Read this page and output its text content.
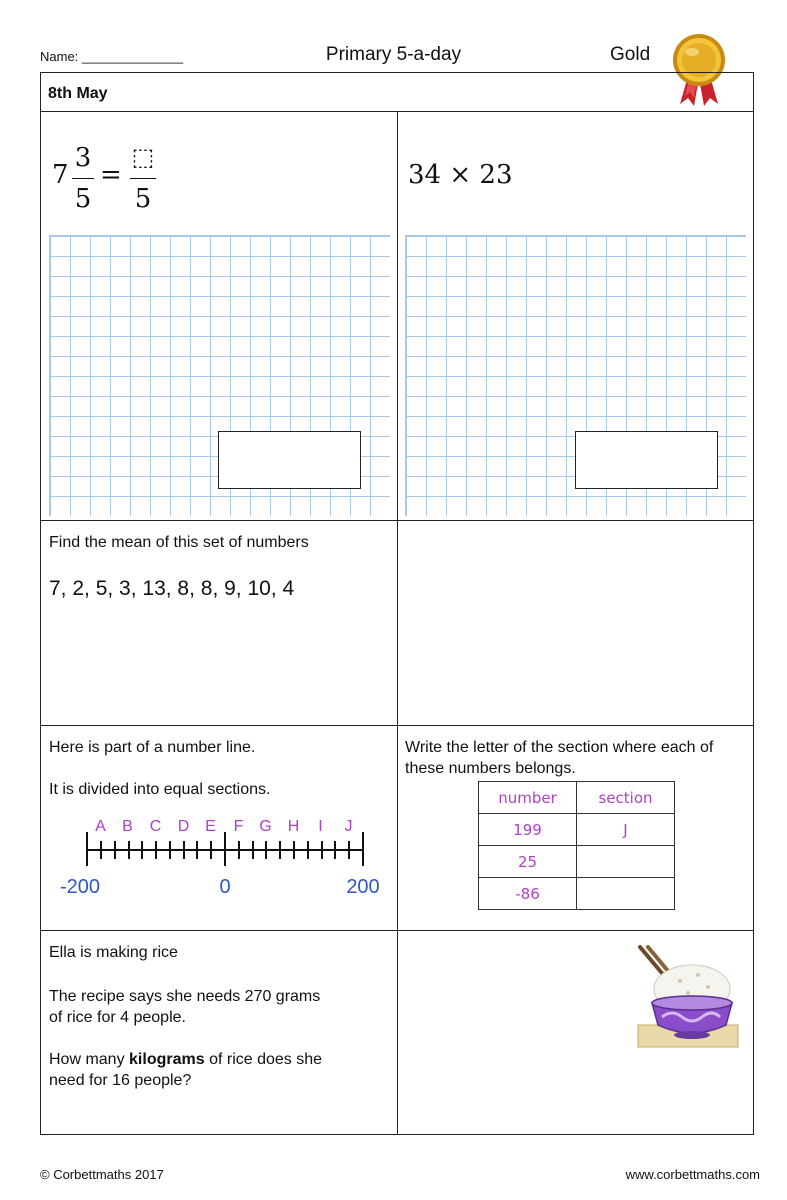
Name: ______________	Primary 5-a-day	Gold
8th May
7
3
5
=
⬚
5
34 × 23
Find the mean of this set of numbers
7, 2, 5, 3, 13, 8, 8, 9, 10, 4
Here is part of a number line.
It is divided into equal sections.
A B C D E F G H	I	J
-200	0	200
Write the letter of the section where each of these numbers belongs.
number	section
199	J
25	
-86	
Ella is making rice
The recipe says she needs 270 grams
of rice for 4 people.
How many kilograms of rice does she
need for 16 people?
© Corbettmaths 2017	www.corbettmaths.com
